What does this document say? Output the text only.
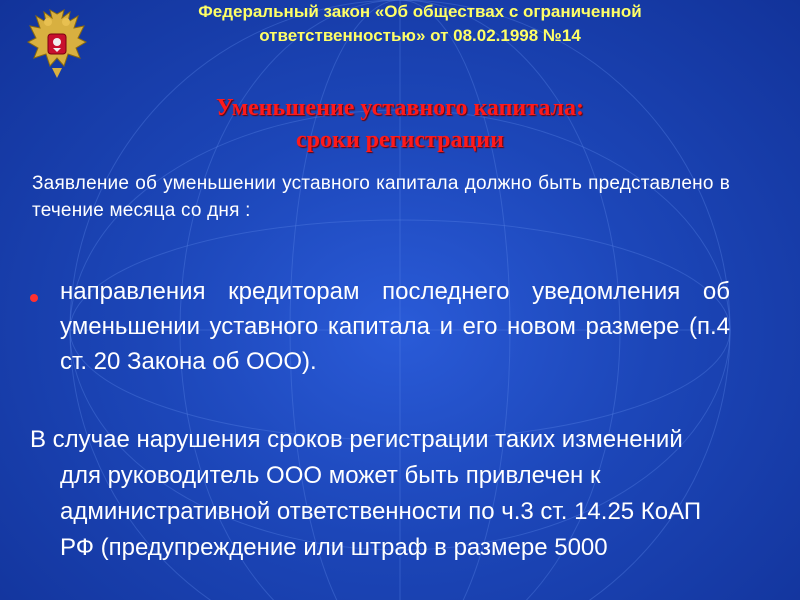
Федеральный закон «Об обществах с ограниченной
ответственностью» от 08.02.1998 №14
Уменьшение уставного капитала:
сроки регистрации
Заявление об уменьшении уставного капитала должно быть представлено в течение месяца со дня :
направления кредиторам последнего уведомления об уменьшении уставного капитала и его новом размере (п.4 ст. 20 Закона об ООО).
В случае нарушения сроков регистрации таких изменений для руководитель ООО может быть привлечен к административной ответственности по ч.3 ст. 14.25 КоАП РФ (предупреждение или штраф в размере 5000
